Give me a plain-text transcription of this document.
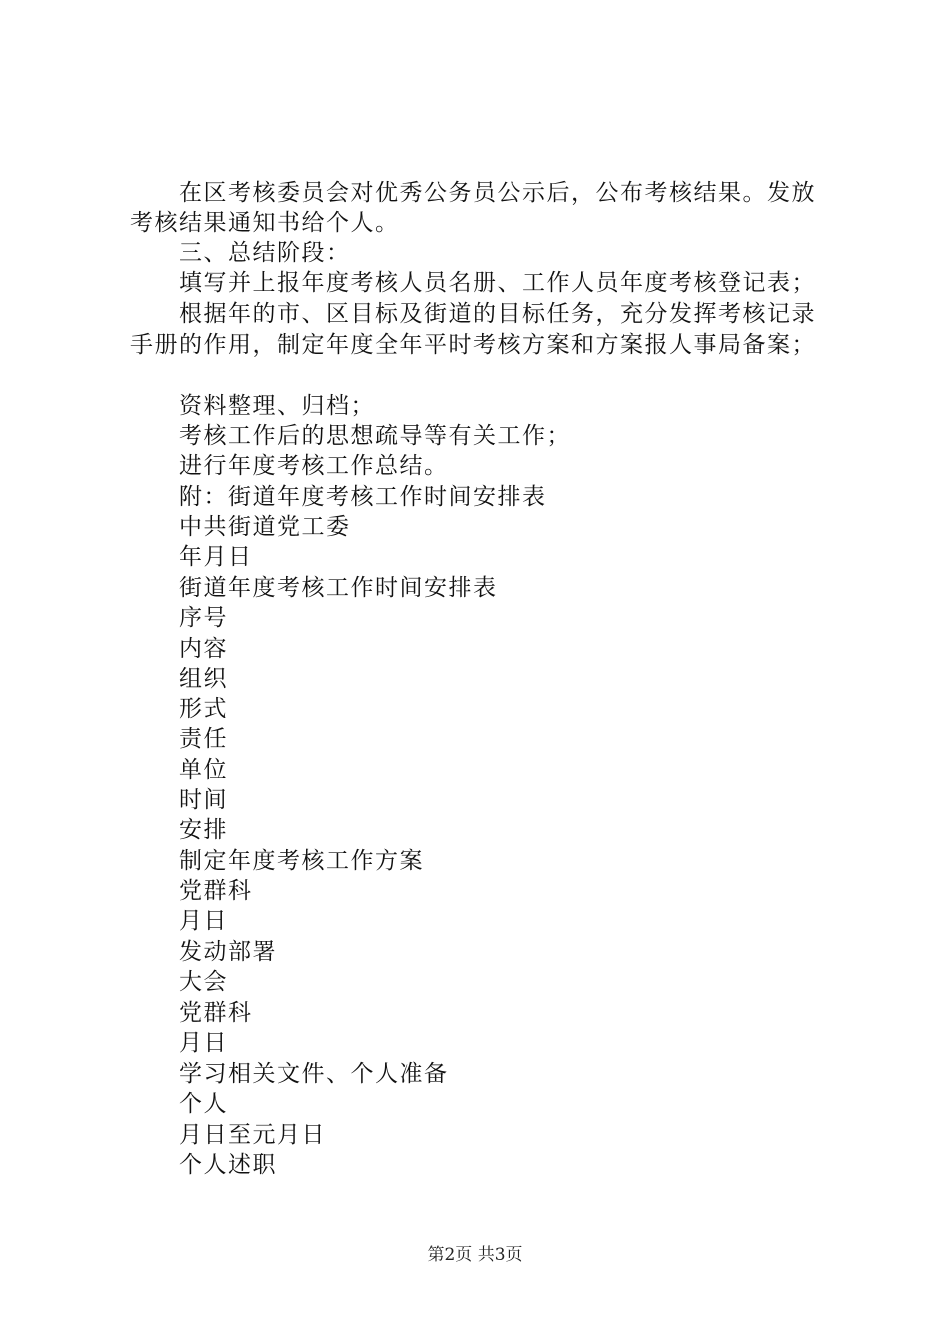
在区考核委员会对优秀公务员公示后，公布考核结果。发放
考核结果通知书给个人。
三、总结阶段：
填写并上报年度考核人员名册、工作人员年度考核登记表；
根据年的市、区目标及街道的目标任务，充分发挥考核记录
手册的作用，制定年度全年平时考核方案和方案报人事局备案；
资料整理、归档；
考核工作后的思想疏导等有关工作；
进行年度考核工作总结。
附：街道年度考核工作时间安排表
中共街道党工委
年月日
街道年度考核工作时间安排表
序号
内容
组织
形式
责任
单位
时间
安排
制定年度考核工作方案
党群科
月日
发动部署
大会
党群科
月日
学习相关文件、个人准备
个人
月日至元月日
个人述职
第2页 共3页
